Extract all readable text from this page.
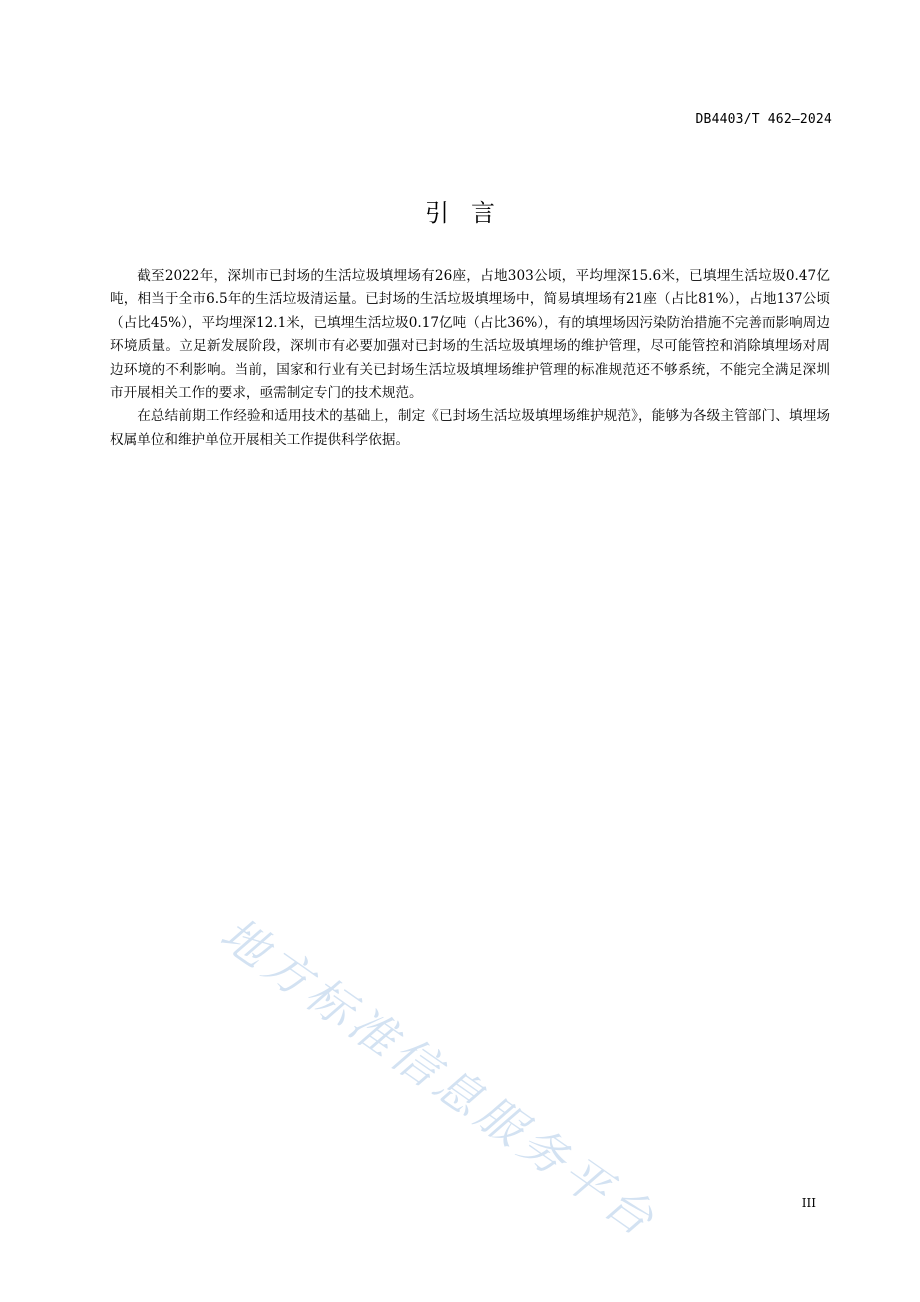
DB4403/T 462—2024
引言

截至2022年，深圳市已封场的生活垃圾填埋场有26座，占地303公顷，平均埋深15.6米，已填埋生活垃圾0.47亿吨，相当于全市6.5年的生活垃圾清运量。已封场的生活垃圾填埋场中，简易填埋场有21座（占比81%），占地137公顷（占比45%），平均埋深12.1米，已填埋生活垃圾0.17亿吨（占比36%），有的填埋场因污染防治措施不完善而影响周边环境质量。立足新发展阶段，深圳市有必要加强对已封场的生活垃圾填埋场的维护管理，尽可能管控和消除填埋场对周边环境的不利影响。当前，国家和行业有关已封场生活垃圾填埋场维护管理的标准规范还不够系统，不能完全满足深圳市开展相关工作的要求，亟需制定专门的技术规范。

在总结前期工作经验和适用技术的基础上，制定《已封场生活垃圾填埋场维护规范》，能够为各级主管部门、填埋场权属单位和维护单位开展相关工作提供科学依据。

地方标准信息服务平台	III
